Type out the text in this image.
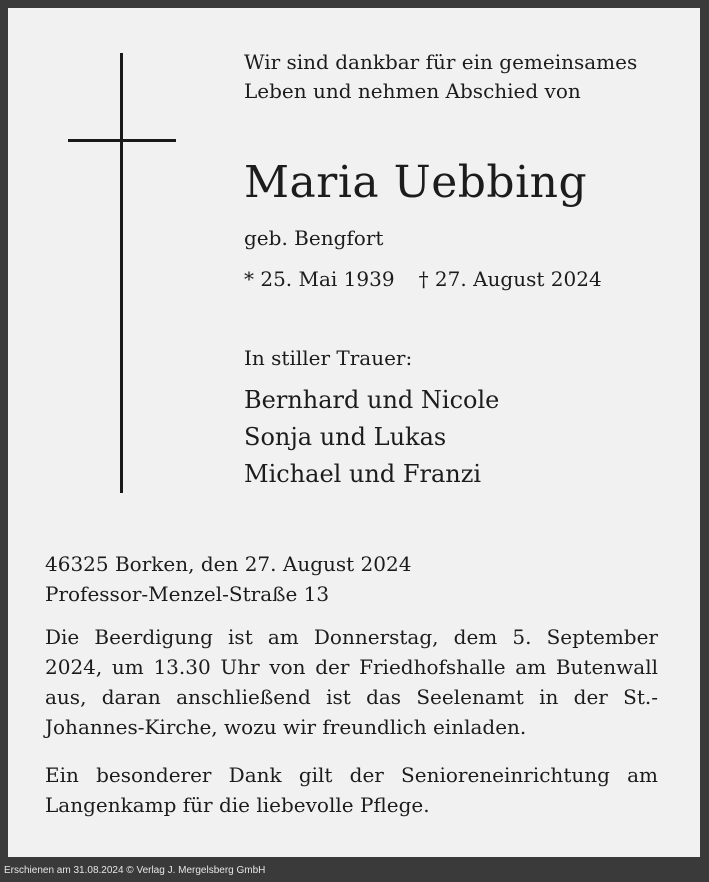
Wir sind dankbar für ein gemeinsames
Leben und nehmen Abschied von
Maria Uebbing
geb. Bengfort
* 25. Mai 1939 † 27. August 2024
In stiller Trauer:
Bernhard und Nicole
Sonja und Lukas
Michael und Franzi
46325 Borken, den 27. August 2024
Professor-Menzel-Straße 13

Die Beerdigung ist am Donnerstag, dem 5. September 2024, um 13.30 Uhr von der Friedhofshalle am Butenwall aus, daran anschließend ist das Seelenamt in der St.-Johannes-Kirche, wozu wir freundlich einladen.

Ein besonderer Dank gilt der Senioreneinrichtung am Langenkamp für die liebevolle Pflege.

Erschienen am 31.08.2024 © Verlag J. Mergelsberg GmbH
